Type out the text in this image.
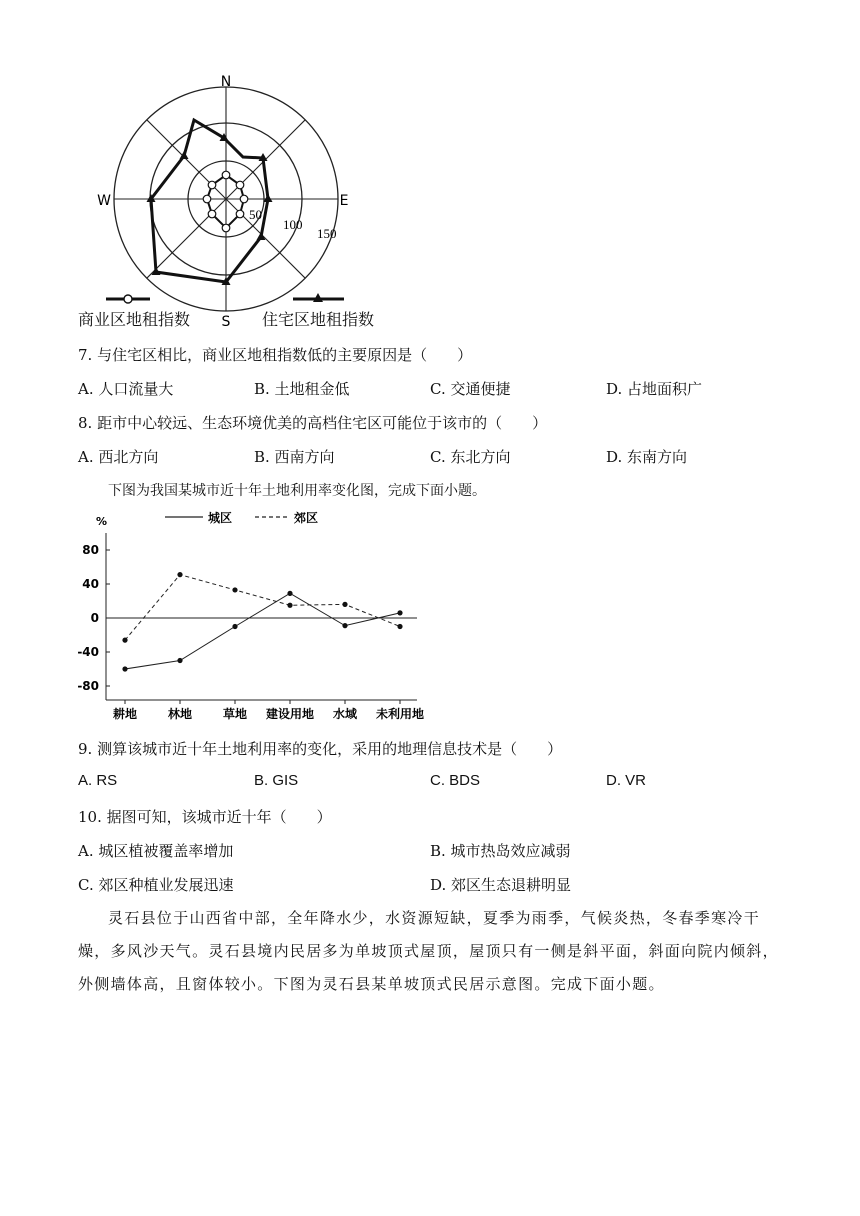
N
E
S
W
50
100
150
商业区地租指数	住宅区地租指数
7. 与住宅区相比，商业区地租指数低的主要原因是（　　）
A. 人口流量大	B. 土地租金低	C. 交通便捷	D. 占地面积广
8. 距市中心较远、生态环境优美的高档住宅区可能位于该市的（　　）
A. 西北方向	B. 西南方向	C. 东北方向	D. 东南方向
下图为我国某城市近十年土地利用率变化图，完成下面小题。
城区	郊区
%
80
40
0
-40
-80
耕地	林地	草地 建设用地 水域 未利用地
9. 测算该城市近十年土地利用率的变化，采用的地理信息技术是（　　）
A. RS	B. GIS	C. BDS	D. VR
10. 据图可知，该城市近十年（　　）
A. 城区植被覆盖率增加	B. 城市热岛效应减弱
C. 郊区种植业发展迅速	D. 郊区生态退耕明显
灵石县位于山西省中部，全年降水少，水资源短缺，夏季为雨季，气候炎热，冬春季寒冷干燥，多风沙天气。灵石县境内民居多为单坡顶式屋顶，屋顶只有一侧是斜平面，斜面向院内倾斜，外侧墙体高，且窗体较小。下图为灵石县某单坡顶式民居示意图。完成下面小题。
